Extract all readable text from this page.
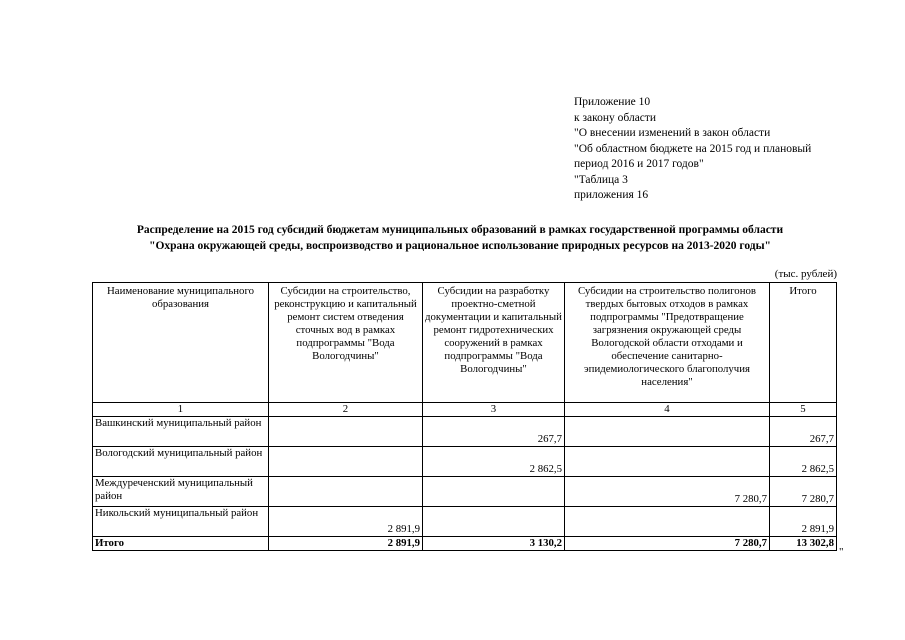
Приложение 10
к закону области
"О внесении изменений в закон области
"Об областном бюджете на 2015 год и плановый
период 2016 и 2017 годов"
"Таблица 3
приложения 16
Распределение на 2015 год субсидий бюджетам муниципальных образований в рамках государственной программы области
"Охрана окружающей среды, воспроизводство и рациональное использование природных ресурсов на 2013-2020 годы"
(тыс. рублей)
Наименование муниципального образования	Субсидии на строительство, реконструкцию и капитальный ремонт систем отведения сточных вод в рамках подпрограммы "Вода Вологодчины"	Субсидии на разработку проектно-сметной документации и капитальный ремонт гидротехнических сооружений в рамках подпрограммы "Вода Вологодчины"	Субсидии на строительство полигонов твердых бытовых отходов в рамках подпрограммы "Предотвращение загрязнения окружающей среды Вологодской области отходами и обеспечение санитарно-эпидемиологического благополучия населения"	Итого
1	2	3	4	5
Вашкинский муниципальный район		267,7		267,7
Вологодский муниципальный район		2 862,5		2 862,5
Междуреченский муниципальный район			7 280,7	7 280,7
Никольский муниципальный район	2 891,9			2 891,9
Итого	2 891,9	3 130,2	7 280,7	13 302,8
"
